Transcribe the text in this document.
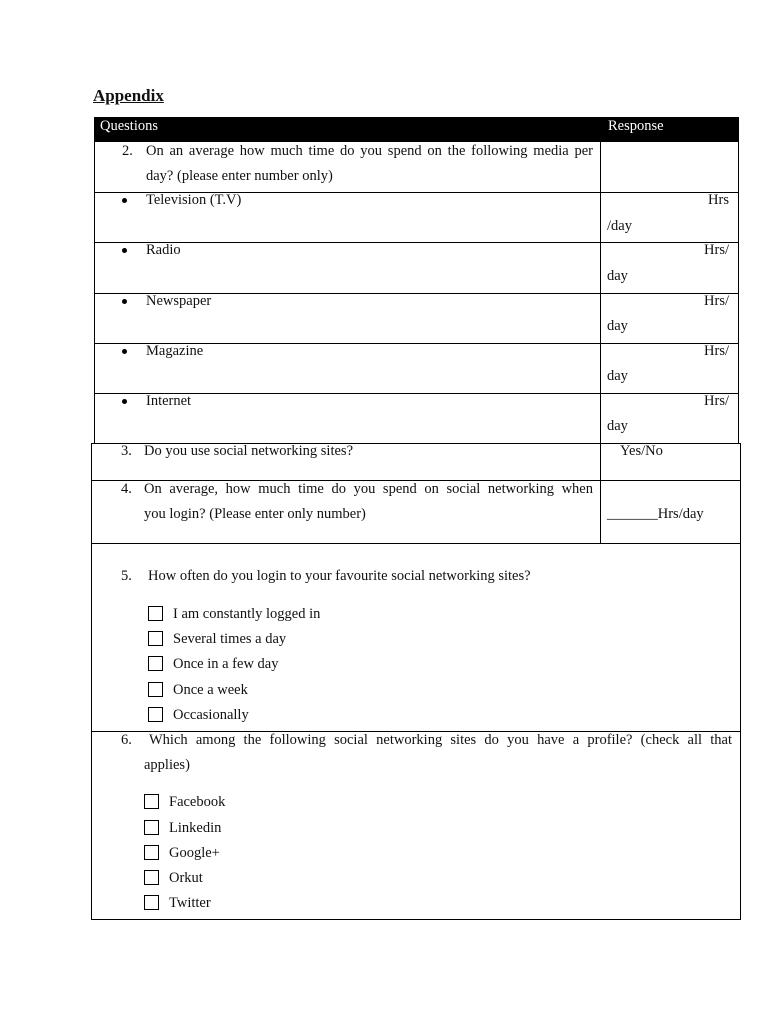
Appendix
Questions	Response
2. On an average how much time do you spend on the following media per
day? (please enter number only)
Television (T.V)	Hrs
/day
Radio	Hrs/
day
Newspaper	Hrs/
day
Magazine	Hrs/
day
Internet	Hrs/
day
3. Do you use social networking sites?	Yes/No
4. On average, how much time do you spend on social networking when
you login? (Please enter only number)	_______Hrs/day
5. How often do you login to your favourite social networking sites?
I am constantly logged in
Several times a day
Once in a few day
Once a week
Occasionally
6. Which among the following social networking sites do you have a profile? (check all that
applies)
Facebook
Linkedin
Google+
Orkut
Twitter
